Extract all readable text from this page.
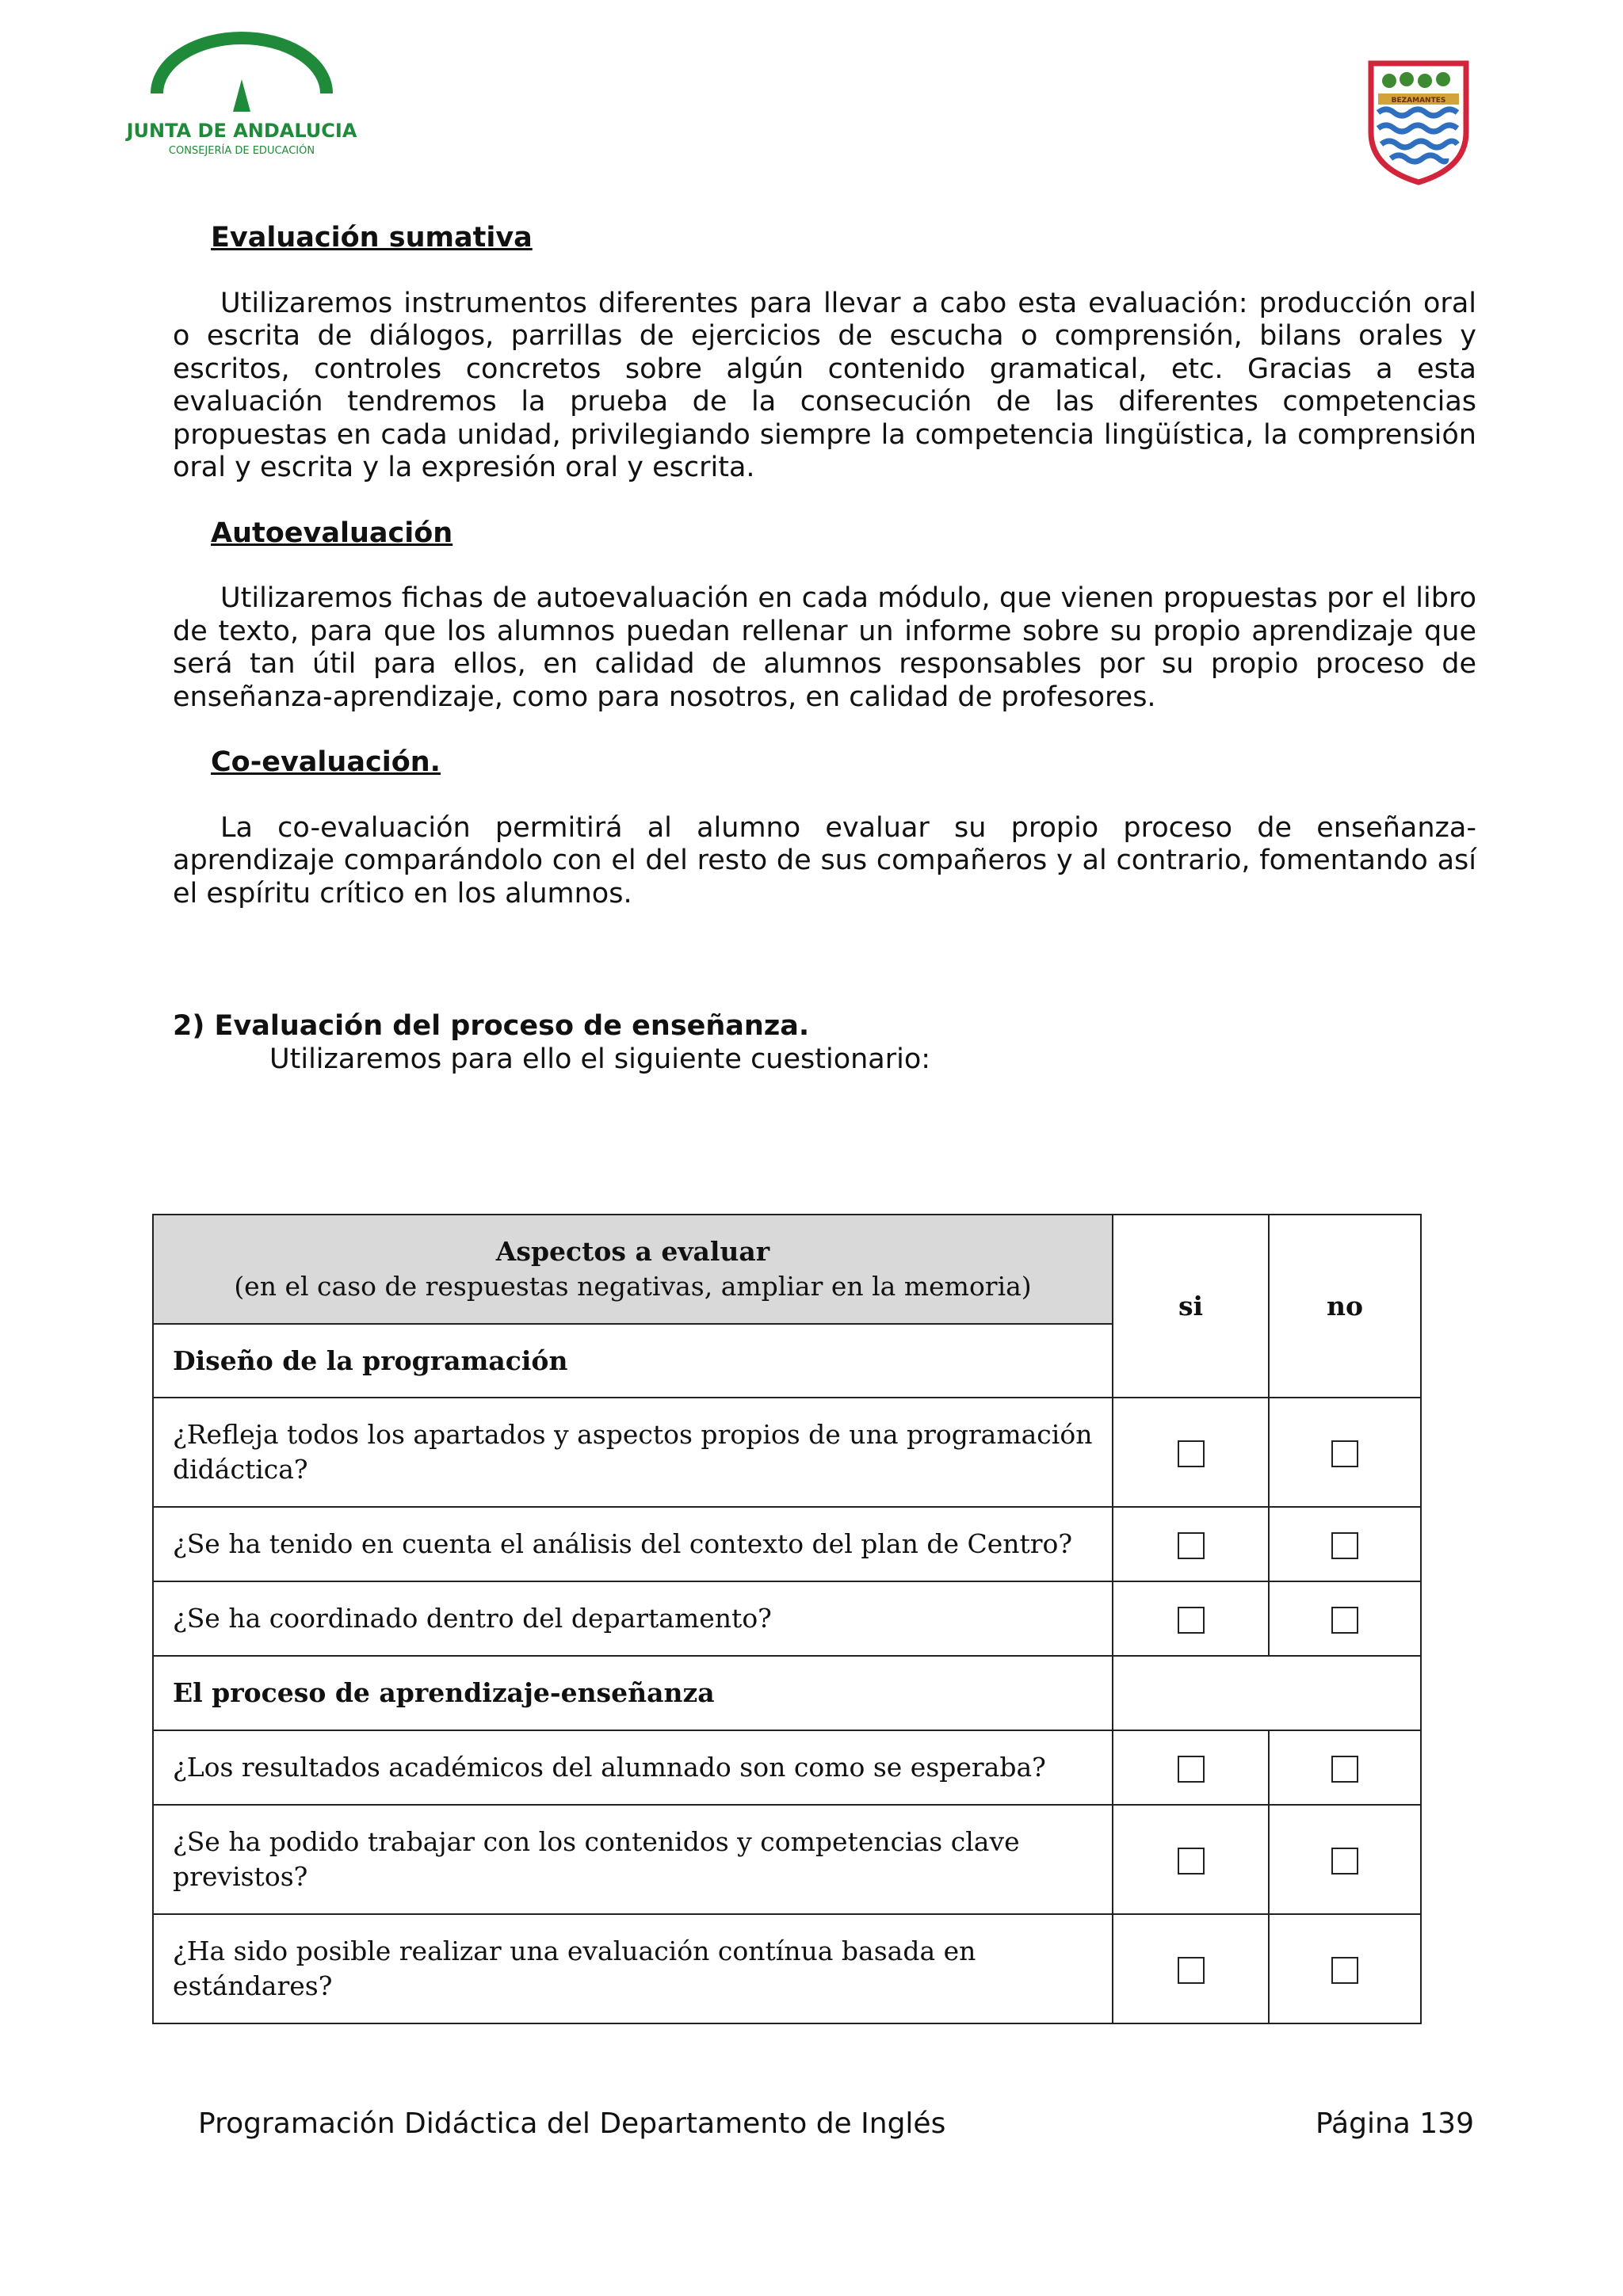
JUNTA DE ANDALUCIA
CONSEJERÍA DE EDUCACIÓN
BEZAMANTES
Evaluación sumativa

Utilizaremos instrumentos diferentes para llevar a cabo esta evaluación: producción oral o escrita de diálogos, parrillas de ejercicios de escucha o comprensión, bilans orales y escritos, controles concretos sobre algún contenido gramatical, etc. Gracias a esta evaluación tendremos la prueba de la consecución de las diferentes competencias propuestas en cada unidad, privilegiando siempre la competencia lingüística, la comprensión oral y escrita y la expresión oral y escrita.

Autoevaluación

Utilizaremos fichas de autoevaluación en cada módulo, que vienen propuestas por el libro de texto, para que los alumnos puedan rellenar un informe sobre su propio aprendizaje que será tan útil para ellos, en calidad de alumnos responsables por su propio proceso de enseñanza-aprendizaje, como para nosotros, en calidad de profesores.

Co-evaluación.

La co-evaluación permitirá al alumno evaluar su propio proceso de enseñanza-aprendizaje comparándolo con el del resto de sus compañeros y al contrario, fomentando así el espíritu crítico en los alumnos.

2) Evaluación del proceso de enseñanza.
Utilizaremos para ello el siguiente cuestionario:
Aspectos a evaluar
(en el caso de respuestas negativas, ampliar en la memoria)	si	no
Diseño de la programación		
¿Refleja todos los apartados y aspectos propios de una programación didáctica?		
¿Se ha tenido en cuenta el análisis del contexto del plan de Centro?		
¿Se ha coordinado dentro del departamento?		
El proceso de aprendizaje-enseñanza		
¿Los resultados académicos del alumnado son como se esperaba?		
¿Se ha podido trabajar con los contenidos y competencias clave previstos?		
¿Ha sido posible realizar una evaluación contínua basada en estándares?		
Programación Didáctica del Departamento de Inglés	Página 139
